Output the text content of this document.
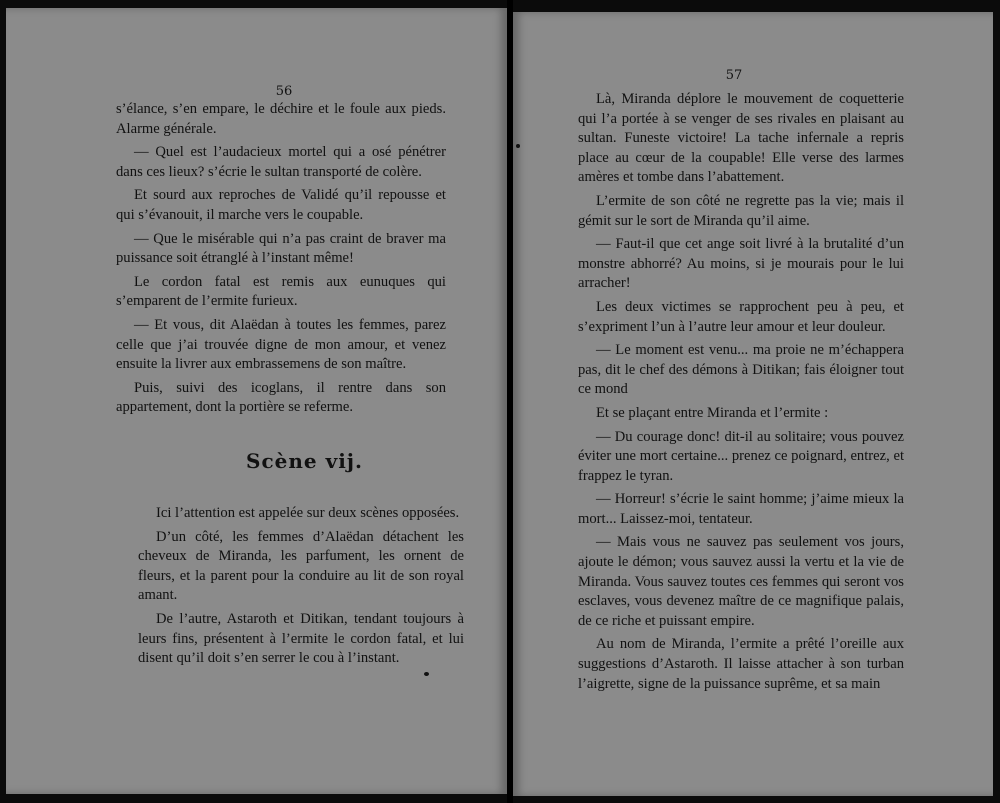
56

s’élance, s’en empare, le déchire et le foule aux pieds. Alarme générale.

— Quel est l’audacieux mortel qui a osé pénétrer dans ces lieux? s’écrie le sultan transporté de colère.

Et sourd aux reproches de Validé qu’il repousse et qui s’évanouit, il marche vers le coupable.

— Que le misérable qui n’a pas craint de braver ma puissance soit étranglé à l’instant même!

Le cordon fatal est remis aux eunuques qui s’emparent de l’ermite furieux.

— Et vous, dit Alaëdan à toutes les femmes, parez celle que j’ai trouvée digne de mon amour, et venez ensuite la livrer aux embrassemens de son maître.

Puis, suivi des icoglans, il rentre dans son appartement, dont la portière se referme.

Scène vij.

Ici l’attention est appelée sur deux scènes opposées.

D’un côté, les femmes d’Alaëdan détachent les cheveux de Miranda, les parfument, les ornent de fleurs, et la parent pour la conduire au lit de son royal amant.

De l’autre, Astaroth et Ditikan, tendant toujours à leurs fins, présentent à l’ermite le cordon fatal, et lui disent qu’il doit s’en serrer le cou à l’instant.

57

Là, Miranda déplore le mouvement de coquetterie qui l’a portée à se venger de ses rivales en plaisant au sultan. Funeste victoire! La tache infernale a repris place au cœur de la coupable! Elle verse des larmes amères et tombe dans l’abattement.

L’ermite de son côté ne regrette pas la vie; mais il gémit sur le sort de Miranda qu’il aime.

— Faut-il que cet ange soit livré à la brutalité d’un monstre abhorré? Au moins, si je mourais pour le lui arracher!

Les deux victimes se rapprochent peu à peu, et s’expriment l’un à l’autre leur amour et leur douleur.

— Le moment est venu... ma proie ne m’échappera pas, dit le chef des démons à Ditikan; fais éloigner tout ce mond

Et se plaçant entre Miranda et l’ermite :

— Du courage donc! dit-il au solitaire; vous pouvez éviter une mort certaine... prenez ce poignard, entrez, et frappez le tyran.

— Horreur! s’écrie le saint homme; j’aime mieux la mort... Laissez-moi, tentateur.

— Mais vous ne sauvez pas seulement vos jours, ajoute le démon; vous sauvez aussi la vertu et la vie de Miranda. Vous sauvez toutes ces femmes qui seront vos esclaves, vous devenez maître de ce magnifique palais, de ce riche et puissant empire.

Au nom de Miranda, l’ermite a prêté l’oreille aux suggestions d’Astaroth. Il laisse attacher à son turban l’aigrette, signe de la puissance suprême, et sa main
